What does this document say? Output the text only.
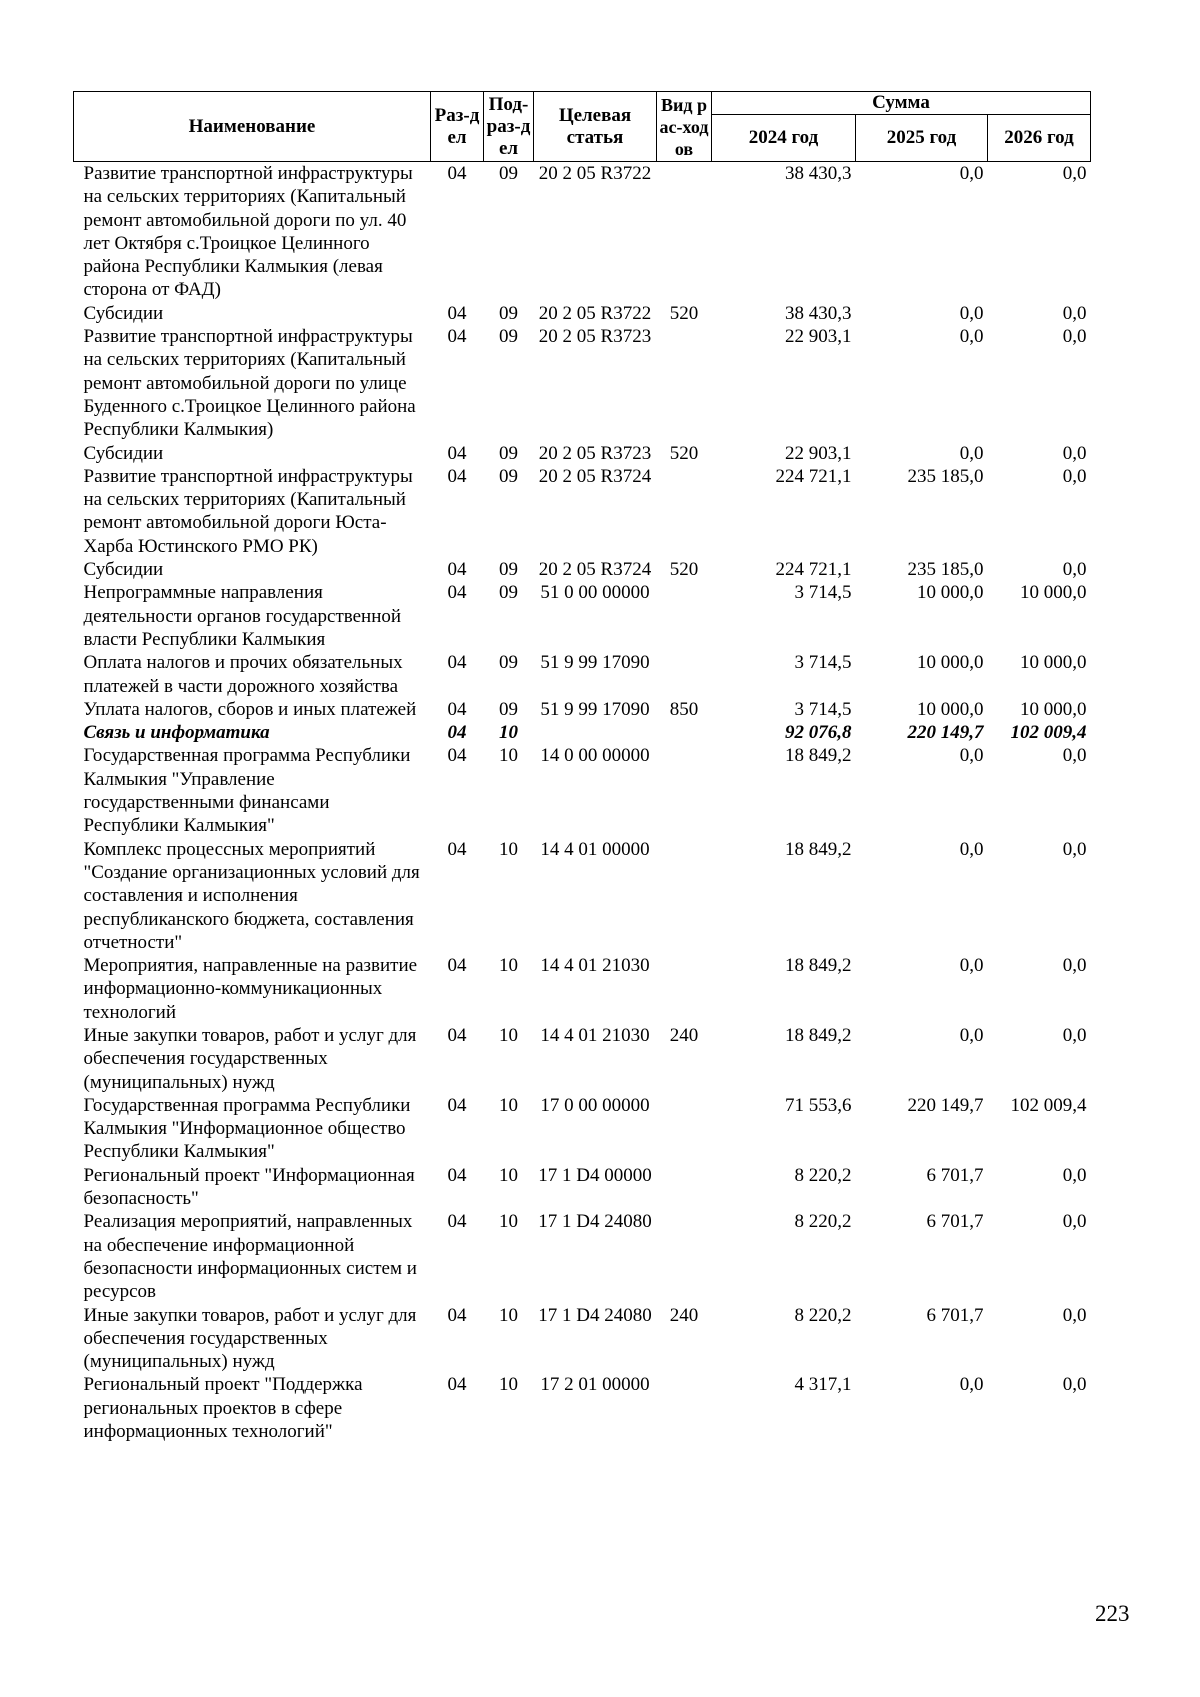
Наименование	Раз-дел	Под-раз-дел	Целевая статья	Вид рас-ходов	Сумма		
					2024 год	2025 год	2026 год
Развитие транспортной инфраструктуры на сельских территориях (Капитальный ремонт автомобильной дороги по ул. 40 лет Октября с.Троицкое Целинного района Республики Калмыкия (левая сторона от ФАД)	04	09	20 2 05 R3722		38 430,3	0,0	0,0
Субсидии	04	09	20 2 05 R3722	520	38 430,3	0,0	0,0
Развитие транспортной инфраструктуры на сельских территориях (Капитальный ремонт автомобильной дороги по улице Буденного с.Троицкое Целинного района Республики Калмыкия)	04	09	20 2 05 R3723		22 903,1	0,0	0,0
Субсидии	04	09	20 2 05 R3723	520	22 903,1	0,0	0,0
Развитие транспортной инфраструктуры на сельских территориях (Капитальный ремонт автомобильной дороги Юста-Харба Юстинского РМО РК)	04	09	20 2 05 R3724		224 721,1	235 185,0	0,0
Субсидии	04	09	20 2 05 R3724	520	224 721,1	235 185,0	0,0
Непрограммные направления деятельности органов государственной власти Республики Калмыкия	04	09	51 0 00 00000		3 714,5	10 000,0	10 000,0
Оплата налогов и прочих обязательных платежей в части дорожного хозяйства	04	09	51 9 99 17090		3 714,5	10 000,0	10 000,0
Уплата налогов, сборов и иных платежей	04	09	51 9 99 17090	850	3 714,5	10 000,0	10 000,0
Связь и информатика	04	10			92 076,8	220 149,7	102 009,4
Государственная программа Республики Калмыкия "Управление государственными финансами Республики Калмыкия"	04	10	14 0 00 00000		18 849,2	0,0	0,0
Комплекс процессных мероприятий "Создание организационных условий для составления и исполнения республиканского бюджета, составления отчетности"	04	10	14 4 01 00000		18 849,2	0,0	0,0
Мероприятия, направленные на развитие информационно-коммуникационных технологий	04	10	14 4 01 21030		18 849,2	0,0	0,0
Иные закупки товаров, работ и услуг для обеспечения государственных (муниципальных) нужд	04	10	14 4 01 21030	240	18 849,2	0,0	0,0
Государственная программа Республики Калмыкия "Информационное общество Республики Калмыкия"	04	10	17 0 00 00000		71 553,6	220 149,7	102 009,4
Региональный проект "Информационная безопасность"	04	10	17 1 D4 00000		8 220,2	6 701,7	0,0
Реализация мероприятий, направленных на обеспечение информационной безопасности информационных систем и ресурсов	04	10	17 1 D4 24080		8 220,2	6 701,7	0,0
Иные закупки товаров, работ и услуг для обеспечения государственных (муниципальных) нужд	04	10	17 1 D4 24080	240	8 220,2	6 701,7	0,0
Региональный проект "Поддержка региональных проектов в сфере информационных технологий"	04	10	17 2 01 00000		4 317,1	0,0	0,0
223
